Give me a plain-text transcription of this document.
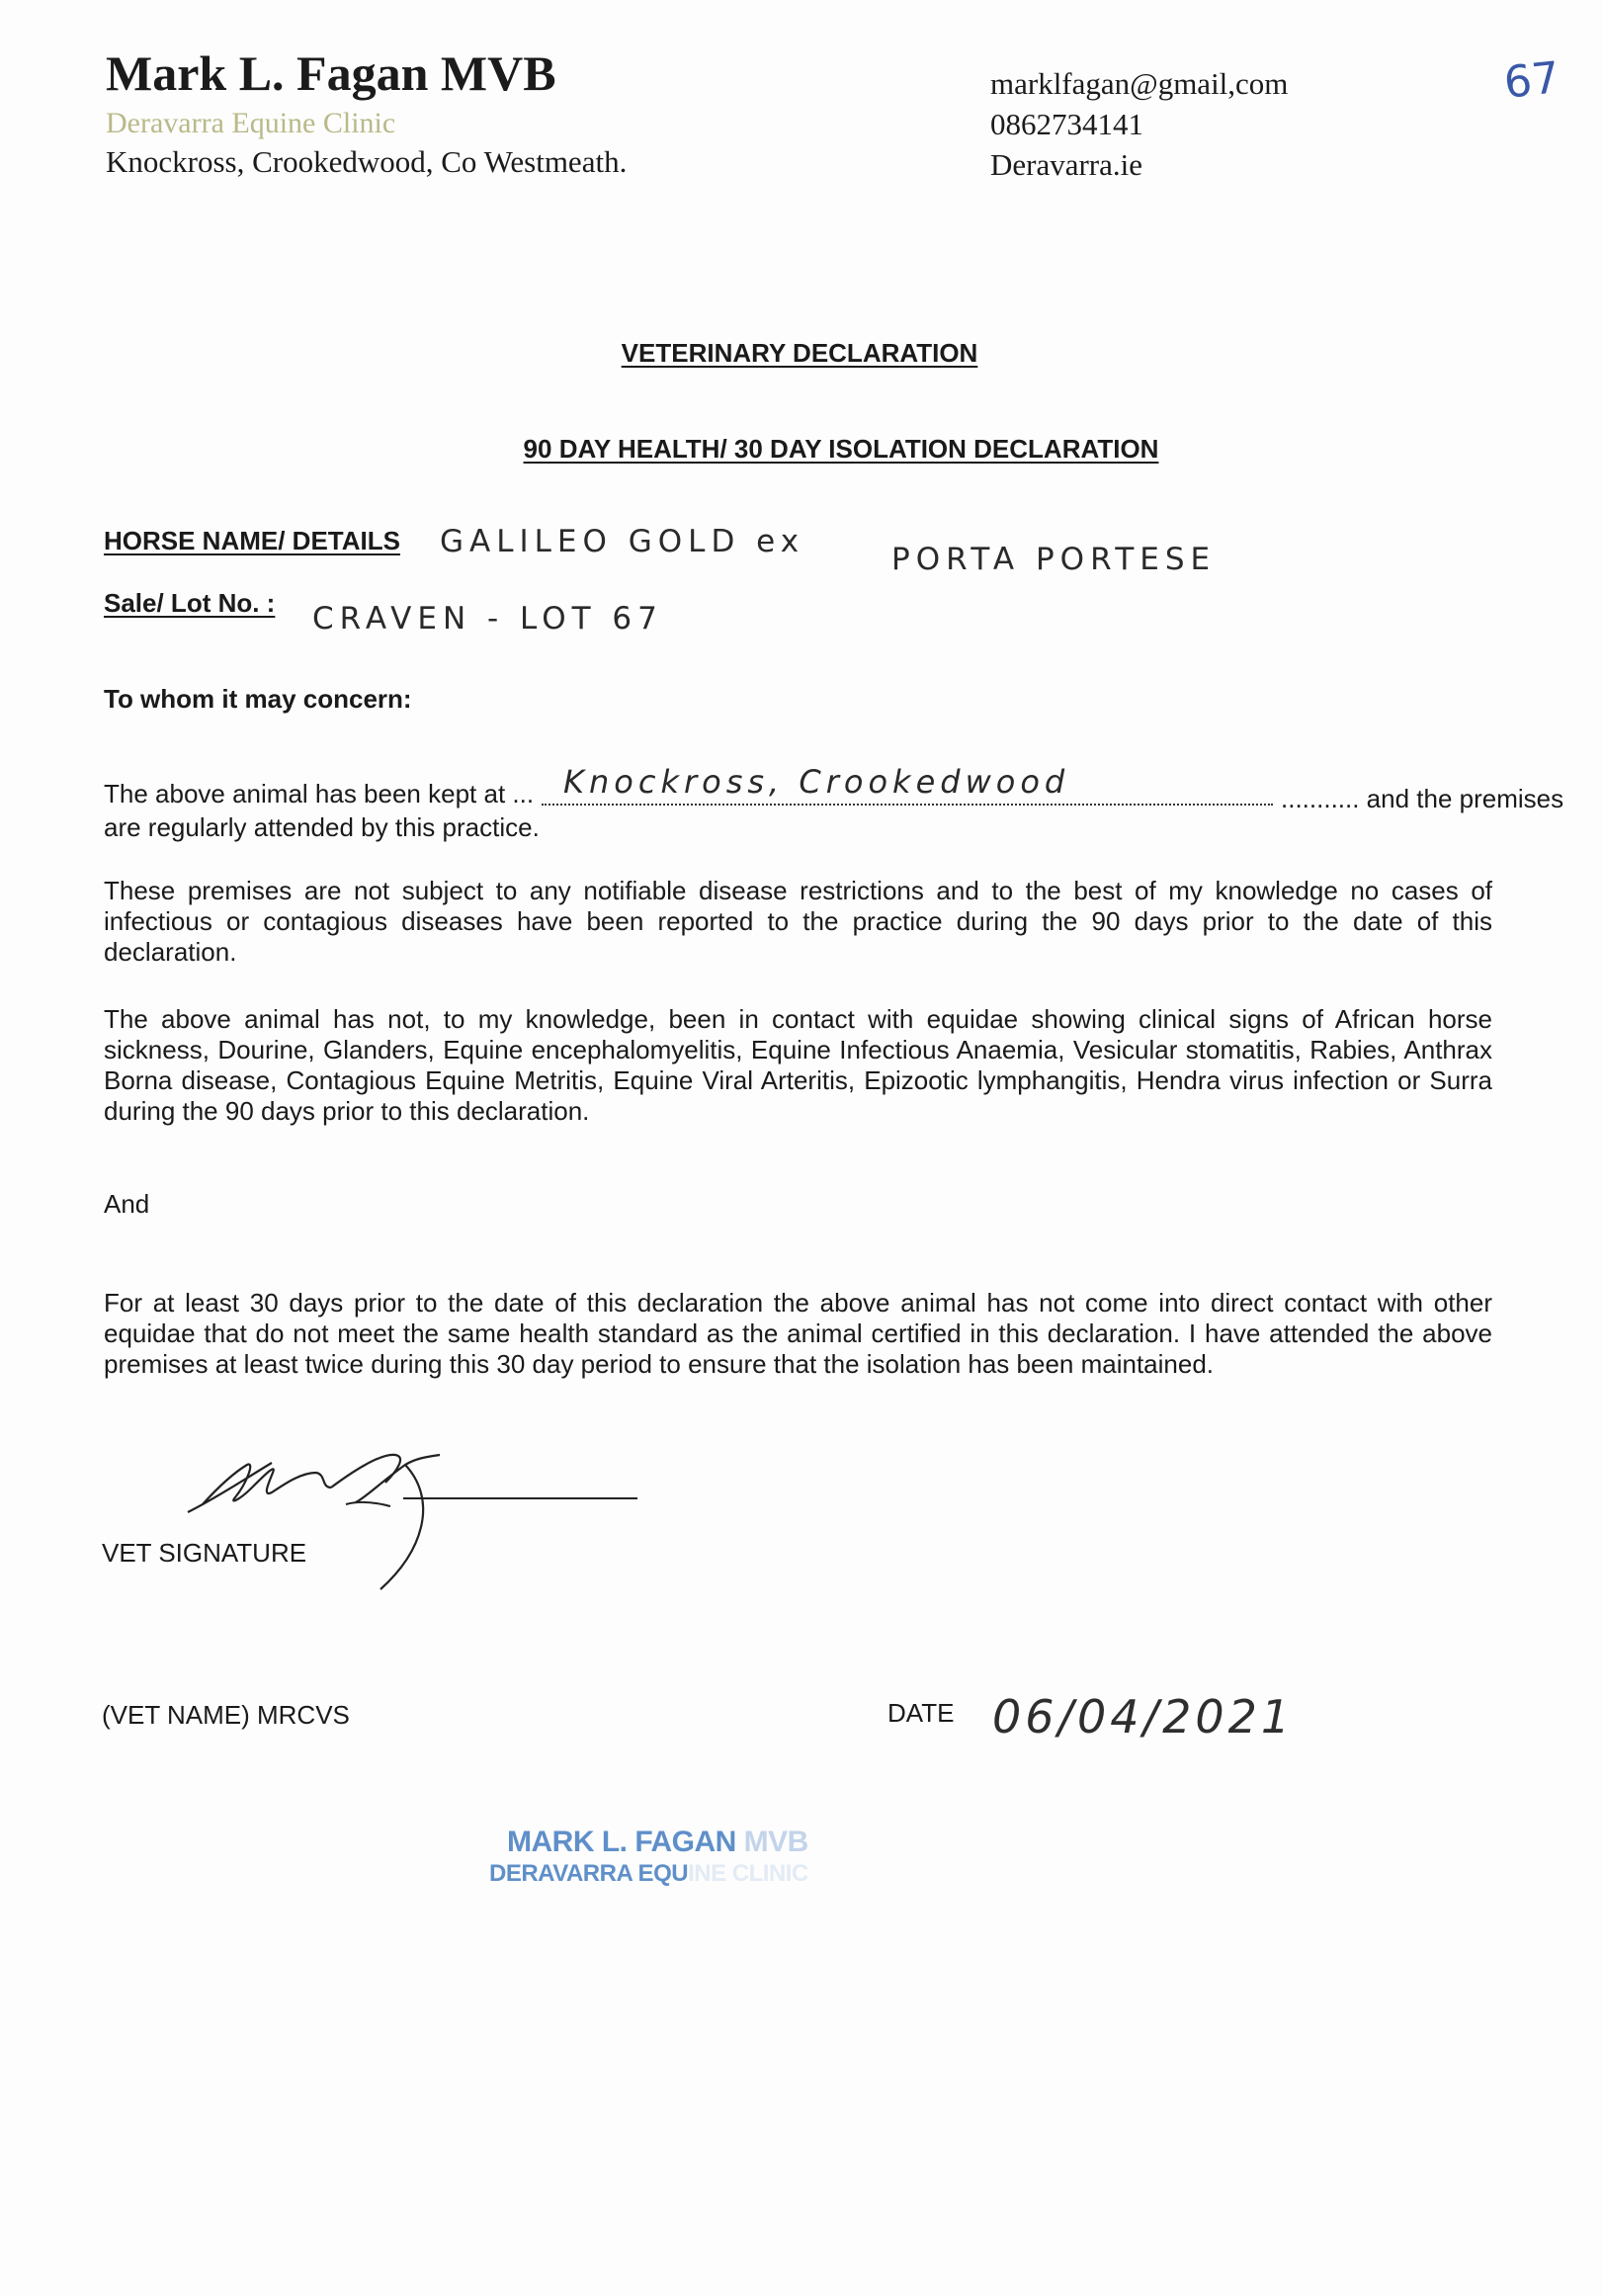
Mark L. Fagan MVB
Deravarra Equine Clinic
Knockross, Crookedwood, Co Westmeath.
marklfagan@gmail,com
0862734141
Deravarra.ie
67
VETERINARY DECLARATION
90 DAY HEALTH/ 30 DAY ISOLATION DECLARATION
HORSE NAME/ DETAILS GALILEO GOLD ex	PORTA PORTESE
Sale/ Lot No. : CRAVEN - LOT 67
To whom it may concern:
The above animal has been kept at ... Knockross, Crookedwood	........... and the premises
are regularly attended by this practice.
These premises are not subject to any notifiable disease restrictions and to the best of my knowledge no cases of infectious or contagious diseases have been reported to the practice during the 90 days prior to the date of this declaration.
The above animal has not, to my knowledge, been in contact with equidae showing clinical signs of African horse sickness, Dourine, Glanders, Equine encephalomyelitis, Equine Infectious Anaemia, Vesicular stomatitis, Rabies, Anthrax Borna disease, Contagious Equine Metritis, Equine Viral Arteritis, Epizootic lymphangitis, Hendra virus infection or Surra during the 90 days prior to this declaration.
And
For at least 30 days prior to the date of this declaration the above animal has not come into direct contact with other equidae that do not meet the same health standard as the animal certified in this declaration. I have attended the above premises at least twice during this 30 day period to ensure that the isolation has been maintained.
VET SIGNATURE
(VET NAME) MRCVS	DATE 06/04/2021
MARK L. FAGAN MVB
DERAVARRA EQUINE CLINIC
